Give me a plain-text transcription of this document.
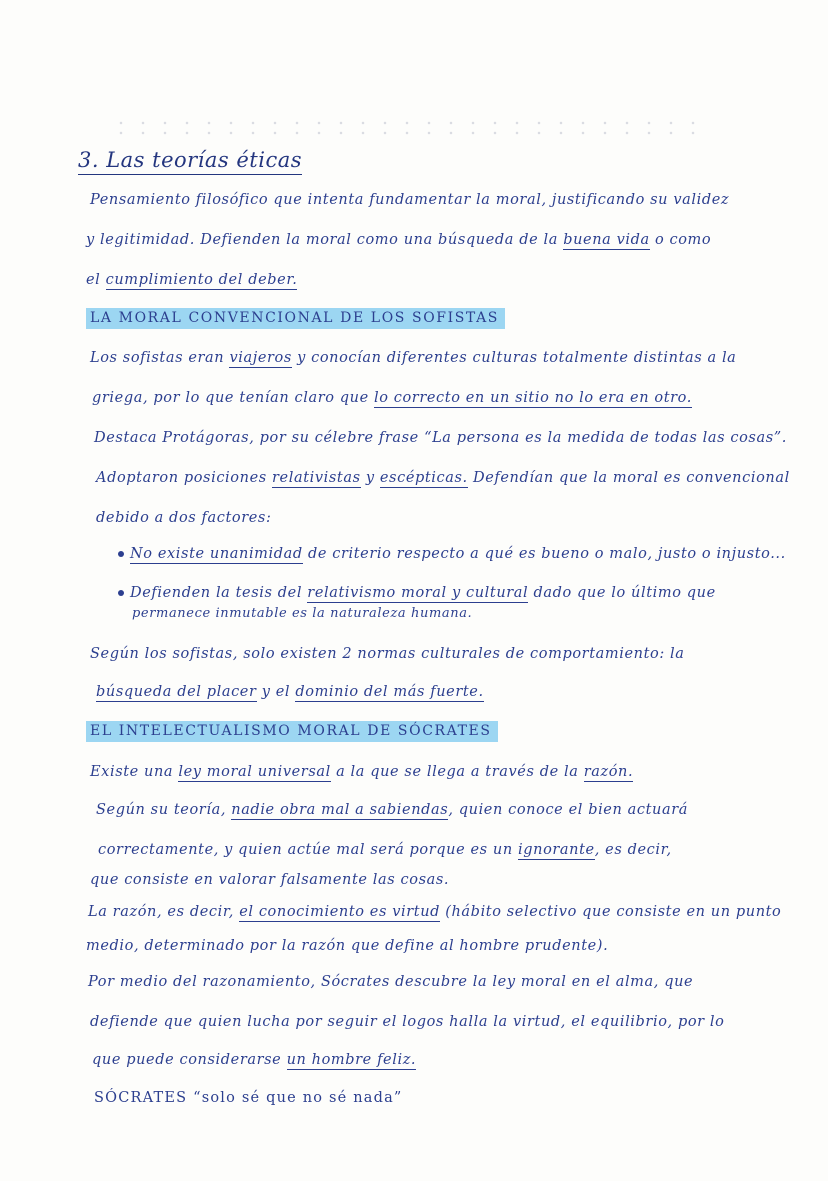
3. Las teorías éticas
Pensamiento filosófico que intenta fundamentar la moral, justificando su validez
y legitimidad. Defienden la moral como una búsqueda de la buena vida o como
el cumplimiento del deber.
LA MORAL CONVENCIONAL DE LOS SOFISTAS
Los sofistas eran viajeros y conocían diferentes culturas totalmente distintas a la
griega, por lo que tenían claro que lo correcto en un sitio no lo era en otro.
Destaca Protágoras, por su célebre frase “La persona es la medida de todas las cosas”.
Adoptaron posiciones relativistas y escépticas. Defendían que la moral es convencional
debido a dos factores:
No existe unanimidad de criterio respecto a qué es bueno o malo, justo o injusto...
Defienden la tesis del relativismo moral y cultural dado que lo último que
permanece inmutable es la naturaleza humana.
Según los sofistas, solo existen 2 normas culturales de comportamiento: la
búsqueda del placer y el dominio del más fuerte.
EL INTELECTUALISMO MORAL DE SÓCRATES
Existe una ley moral universal a la que se llega a través de la razón.
Según su teoría, nadie obra mal a sabiendas, quien conoce el bien actuará
correctamente, y quien actúe mal será porque es un ignorante, es decir,
que consiste en valorar falsamente las cosas.
La razón, es decir, el conocimiento es virtud (hábito selectivo que consiste en un punto
medio, determinado por la razón que define al hombre prudente).
Por medio del razonamiento, Sócrates descubre la ley moral en el alma, que
defiende que quien lucha por seguir el logos halla la virtud, el equilibrio, por lo
que puede considerarse un hombre feliz.
SÓCRATES “solo sé que no sé nada”
